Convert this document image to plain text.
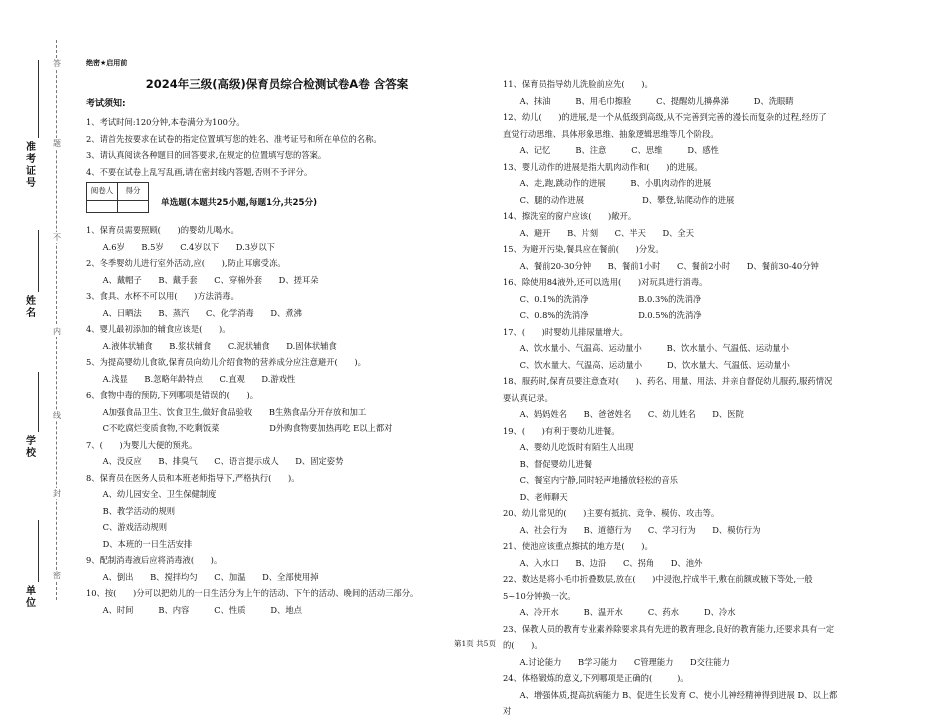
准考证号
姓名
学校
单位
答
题
不
内
线
封
密
绝密★启用前
2024年三级(高级)保育员综合检测试卷A卷 含答案
考试须知:
1、考试时间:120分钟,本卷满分为100分。
2、请首先按要求在试卷的指定位置填写您的姓名、准考证号和所在单位的名称。
3、请认真阅读各种题目的回答要求,在规定的位置填写您的答案。
4、不要在试卷上乱写乱画,请在密封线内答题,否则不予评分。
阅卷人	得分

单选题(本题共25小题,每题1分,共25分)
1、保育员需要照顾(　　)的婴幼儿喝水。
　　A.6岁　　B.5岁　　C.4岁以下　　D.3岁以下
2、冬季婴幼儿进行室外活动,应(　　),防止耳廓受冻。
　　A、戴帽子　　B、戴手套　　C、穿棉外套　　D、搓耳朵
3、食具、水杯不可以用(　　)方法消毒。
　　A、日晒法　　B、蒸汽　　C、化学消毒　　D、煮沸
4、婴儿最初添加的辅食应该是(　　)。
　　A.液体状辅食　　B.浆状辅食　　C.泥状辅食　　D.固体状辅食
5、为提高婴幼儿食欲,保育员向幼儿介绍食物的营养成分应注意避开(　　)。
　　A.浅显　　B.忽略年龄特点　　C.直观　　D.游戏性
6、食物中毒的预防,下列哪项是错误的(　　)。
　　A加强食品卫生、饮食卫生,做好食品验收　　B生熟食品分开存放和加工
　　C不吃腐烂变质食物,不吃剩饭菜　　　　　　D外购食物要加热再吃 E以上都对
7、(　　)为婴儿大便的预兆。
　　A、没反应　　B、排臭气　　C、语言提示成人　　D、固定姿势
8、保育员在医务人员和本班老师指导下,严格执行(　　)。
　　A、幼儿园安全、卫生保健制度
　　B、教学活动的规则
　　C、游戏活动规则
　　D、本班的一日生活安排
9、配制消毒液后应将消毒液(　　)。
　　A、倒出　　B、搅拌均匀　　C、加温　　D、全部使用掉
10、按(　　)分可以把幼儿的一日生活分为上午的活动、下午的活动、晚间的活动三部分。
　　A、时间　　　B、内容　　　C、性质　　　D、地点
11、保育员指导幼儿洗脸前应先(　　)。
　　A、抹油　　　B、用毛巾擦脸　　　C、提醒幼儿擤鼻涕　　　D、洗眼睛
12、幼儿(　　)的进展,是一个从低级到高级,从不完善到完善的漫长而复杂的过程,经历了
直觉行动思维、具体形象思维、抽象逻辑思维等几个阶段。
　　A、记忆　　　B、注意　　　C、思维　　　D、感性
13、婴儿动作的进展是指大肌肉动作和(　　)的进展。
　　A、走,跑,跳动作的进展　　　B、小肌肉动作的进展
　　C、腿的动作进展　　　　　　　D、攀登,钻爬动作的进展
14、擦洗室的窗户应该(　　)敞开。
　　A、避开　　B、片刻　　C、半天　　D、全天
15、为避开污染,餐具应在餐前(　　)分发。
　　A、餐前20-30分钟　　B、餐前1小时　　C、餐前2小时　　D、餐前30-40分钟
16、除使用84液外,还可以选用(　　)对玩具进行消毒。
　　C、0.1%的洗消净　　　　　　B.0.3%的洗消净
　　C、0.8%的洗消净　　　　　　D.0.5%的洗消净
17、(　　)时婴幼儿排尿量增大。
　　A、饮水量小、气温高、运动量小　　　B、饮水量小、气温低、运动量小
　　C、饮水量大、气温高、运动量小　　　D、饮水量大、气温低、运动量小
18、服药时,保育员要注意查对(　　)、药名、用量、用法、并亲自督促幼儿服药,服药情况
要认真记录。
　　A、妈妈姓名　　B、爸爸姓名　　C、幼儿姓名　　D、医院
19、(　　)有利于婴幼儿进餐。
　　A、婴幼儿吃饭时有陌生人出现
　　B、督促婴幼儿进餐
　　C、餐室内宁静,同时轻声地播放轻松的音乐
　　D、老师聊天
20、幼儿常见的(　　)主要有抵抗、竞争、模仿、攻击等。
　　A、社会行为　　B、道德行为　　C、学习行为　　D、模仿行为
21、使池应该重点擦拭的地方是(　　)。
　　A、入水口　　B、边沿　　C、拐角　　D、池外
22、数达是将小毛巾折叠数层,放在(　　)中浸泡,拧成半干,敷在前额或腋下等处,一般
5~10分钟换一次。
　　A、冷开水　　　B、温开水　　　C、药水　　　D、冷水
23、保教人员的教育专业素养除要求具有先进的教育理念,良好的教育能力,还要求具有一定
的(　　)。
　　A.讨论能力　　B学习能力　　C管理能力　　D交往能力
24、体格锻炼的意义,下列哪项是正确的(　　　)。
　　A、增强体质,提高抗病能力 B、促进生长发育 C、使小儿神经精神得到进展 D、以上都
对
第1页 共5页
